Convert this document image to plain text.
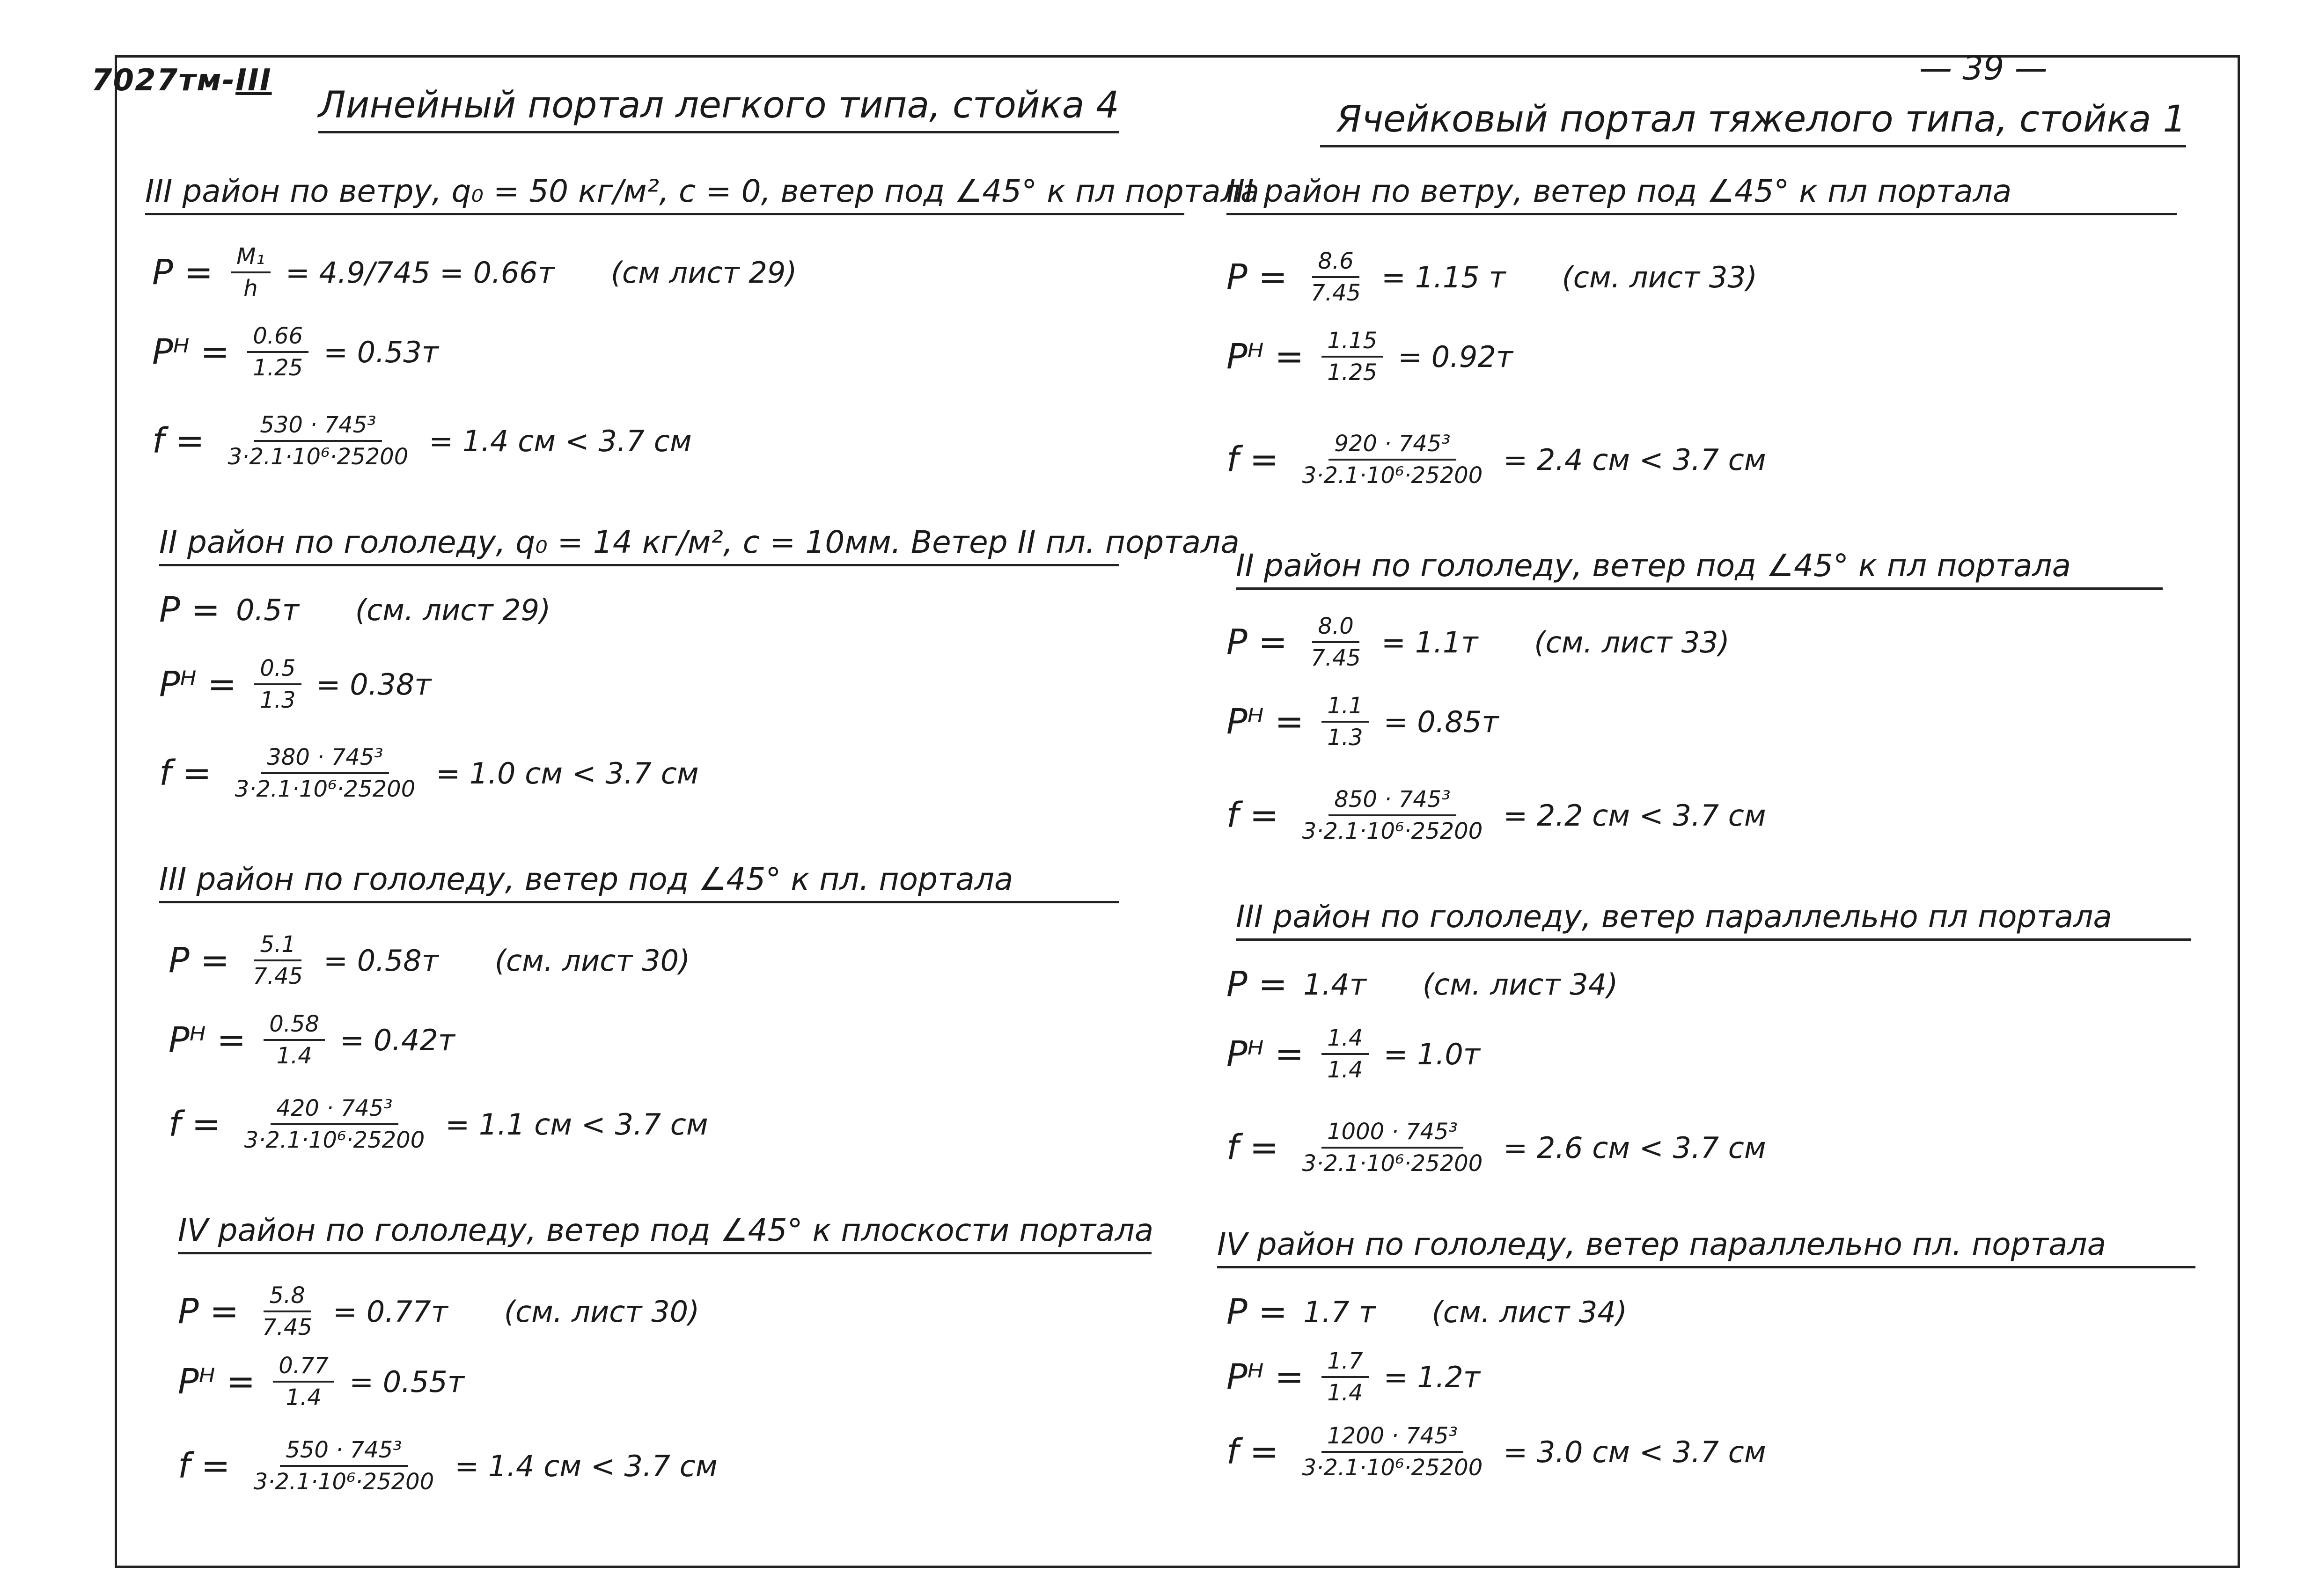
7027тм-III	— 39 —
Линейный портал легкого типа, стойка 4
III район по ветру, q₀ = 50 кг/м², с = 0, ветер под ∠45° к пл портала
$P = \frac{\text{M₁}}{h} = 4.9/745 = 0.66т$ (см лист 29)
Pᴴ = $\frac{0.66}{1.25} = 0.53т$
$f = \frac{\text{530 · 745³}}{\text{3·2.1·10⁶·25200}} = 1.4$ см < 3.7 см
II район по гололеду, q₀ = 14 кг/м², с = 10мм. Ветер II пл. портала
P = 0.5т (см. лист 29)
Pᴴ = $\frac{0.5}{1.3} = 0.38т$
$f = \frac{\text{380 · 745³}}{\text{3·2.1·10⁶·25200}} = 1.0$ см < 3.7 см
III район по гололеду, ветер под ∠45° к пл. портала
$P = \frac{5.1}{7.45} = 0.58т$ (см. лист 30)
Pᴴ = $\frac{0.58}{1.4} = 0.42т$
$f = \frac{\text{420 · 745³}}{\text{3·2.1·10⁶·25200}} = 1.1$ см < 3.7 см
IV район по гололеду, ветер под ∠45° к плоскости портала
$P = \frac{5.8}{7.45} = 0.77т$ (см. лист 30)
Pᴴ = $\frac{0.77}{1.4} = 0.55т$
$f = \frac{\text{550 · 745³}}{\text{3·2.1·10⁶·25200}} = 1.4$ см < 3.7 см
Ячейковый портал тяжелого типа, стойка 1
III район по ветру, ветер под ∠45° к пл портала
$P = \frac{8.6}{7.45} = 1.15$ т (см. лист 33)
Pᴴ = $\frac{1.15}{1.25} = 0.92т$
$f = \frac{\text{920 · 745³}}{\text{3·2.1·10⁶·25200}} = 2.4$ см < 3.7 см
II район по гололеду, ветер под ∠45° к пл портала
$P = \frac{8.0}{7.45} = 1.1т$ (см. лист 33)
Pᴴ = $\frac{1.1}{1.3} = 0.85т$
$f = \frac{\text{850 · 745³}}{\text{3·2.1·10⁶·25200}} = 2.2$ см < 3.7 см
III район по гололеду, ветер параллельно пл портала
P = 1.4т (см. лист 34)
Pᴴ = $\frac{1.4}{1.4} = 1.0т$
$f = \frac{\text{1000 · 745³}}{\text{3·2.1·10⁶·25200}} = 2.6$ см < 3.7 см
IV район по гололеду, ветер параллельно пл. портала
P = 1.7 т (см. лист 34)
Pᴴ = $\frac{1.7}{1.4} = 1.2т$
$f = \frac{\text{1200 · 745³}}{\text{3·2.1·10⁶·25200}} = 3.0$ см < 3.7 см
